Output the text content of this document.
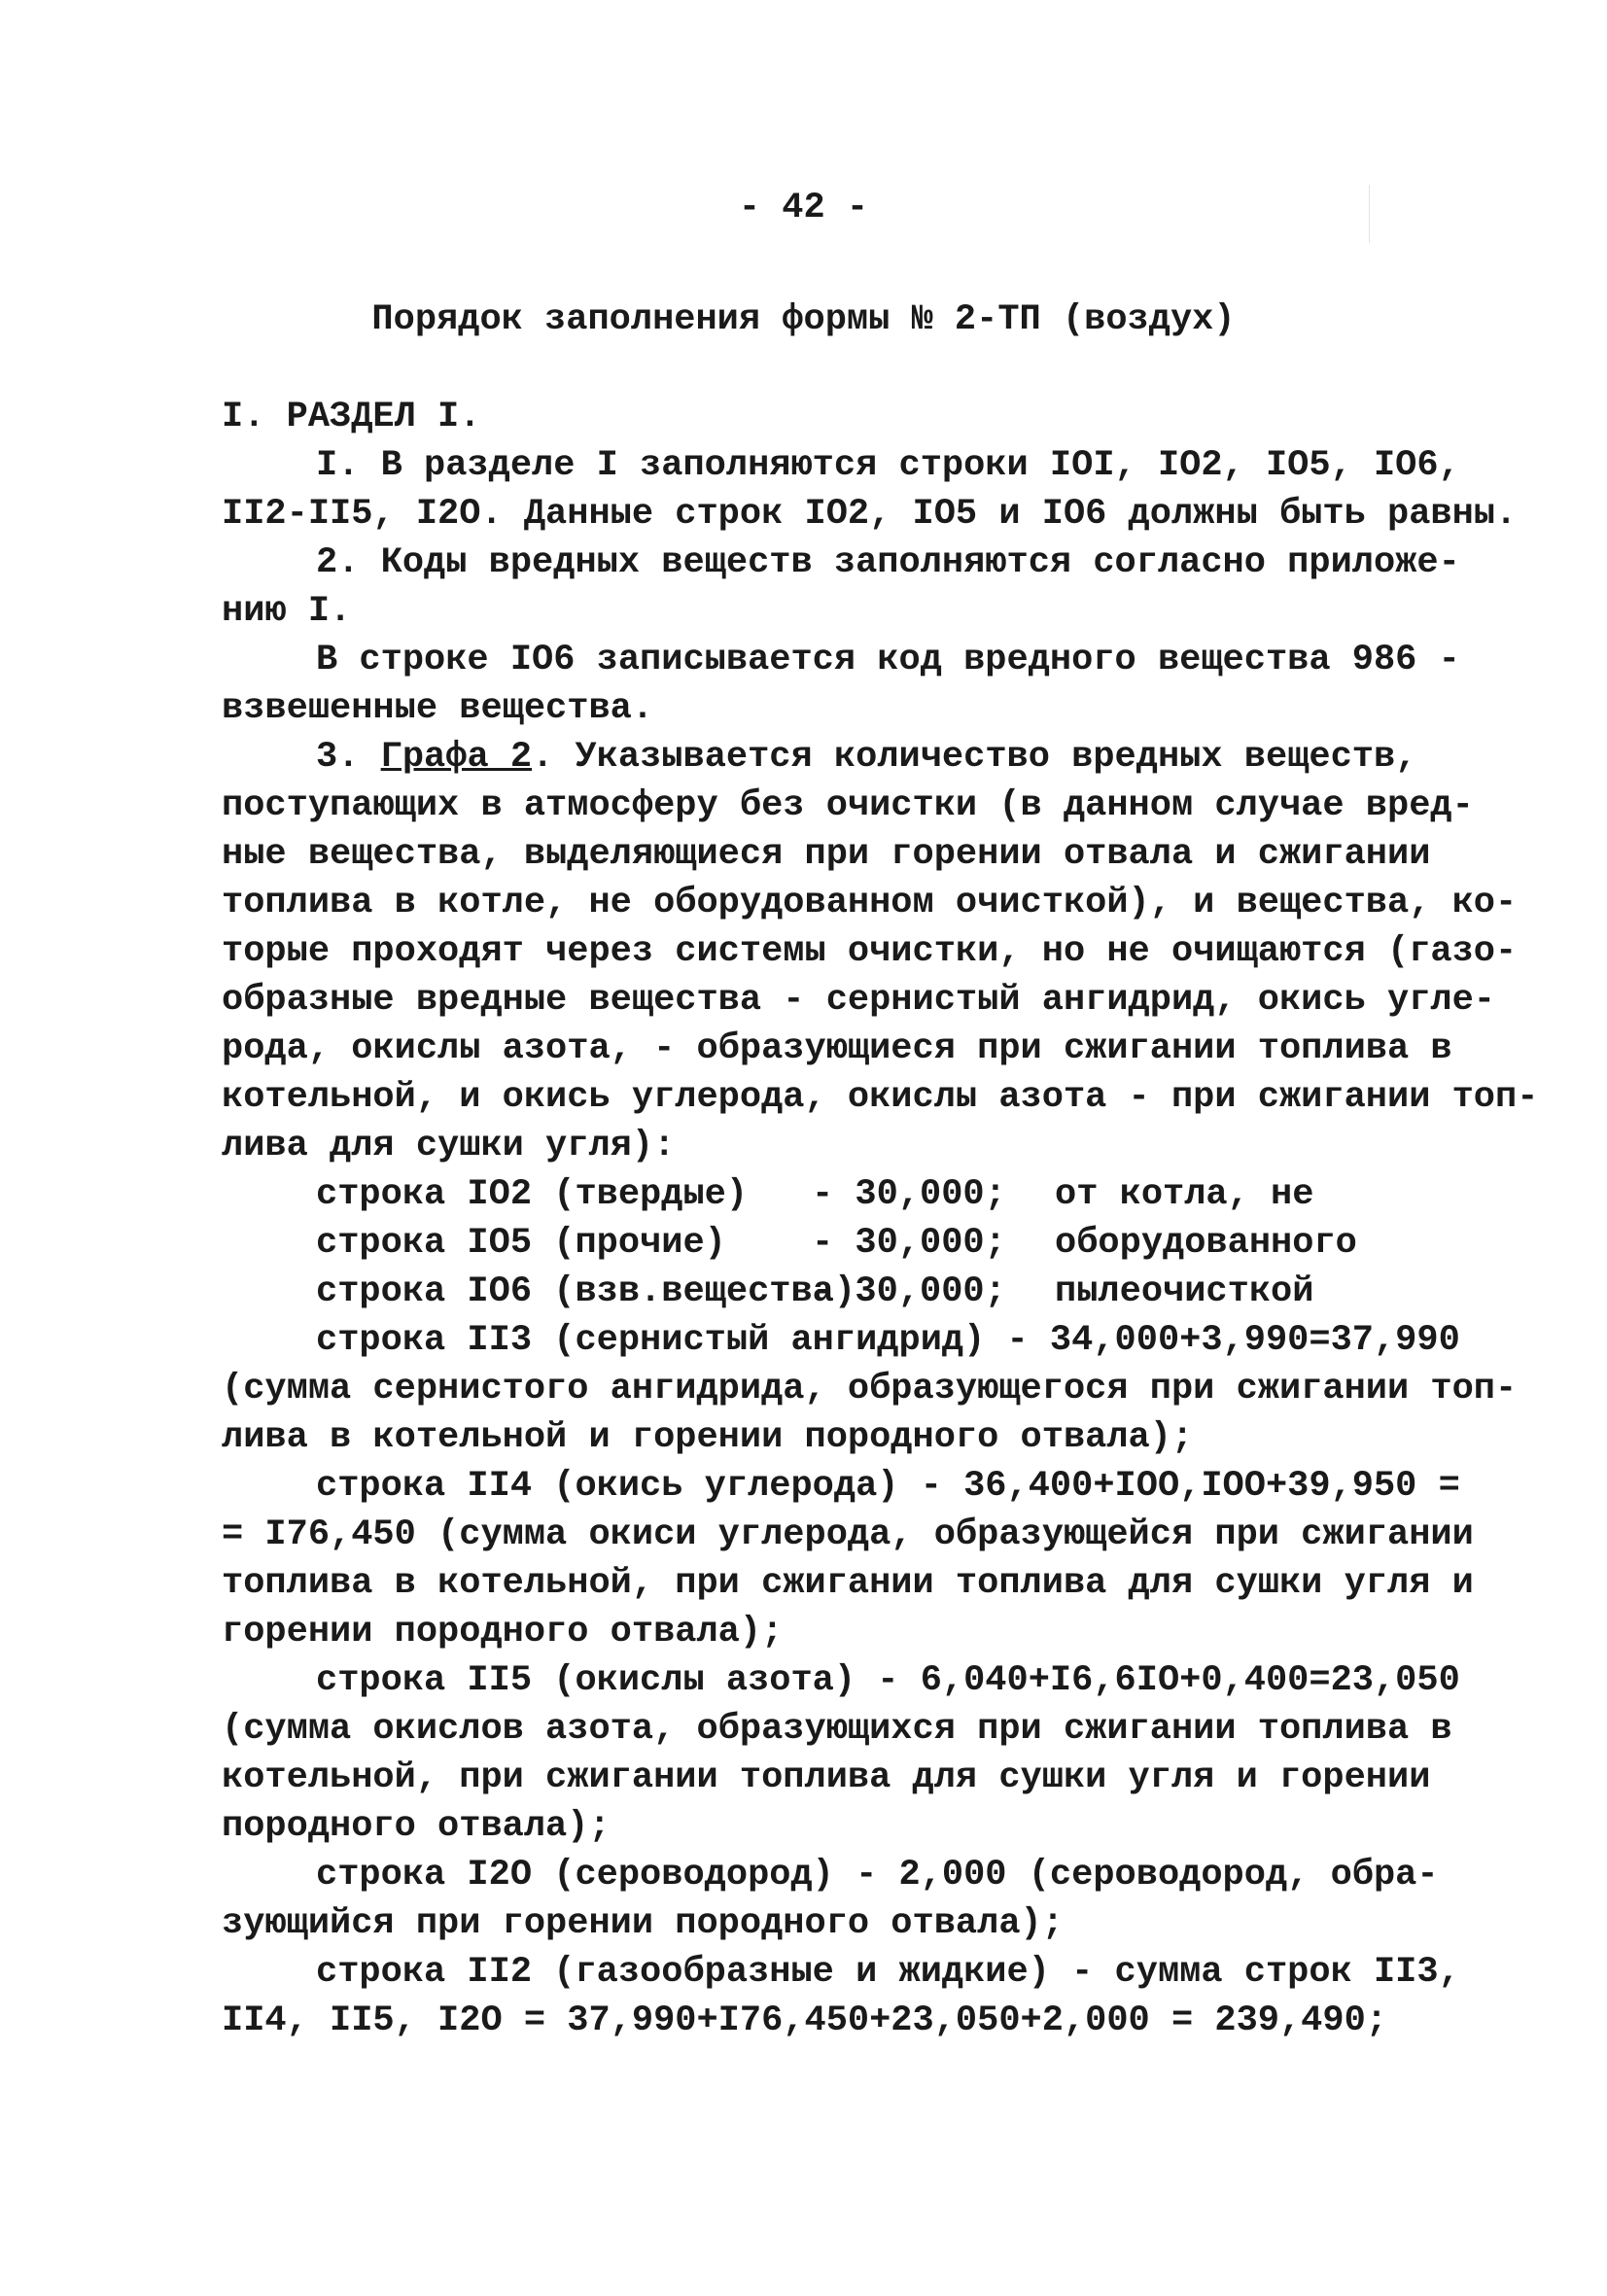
- 42 -
Порядок заполнения формы № 2-ТП (воздух)
I. РАЗДЕЛ I.
I. В разделе I заполняются строки IOI, IO2, IO5, IO6,
II2-II5, I2O. Данные строк IO2, IO5 и IO6 должны быть равны.
2. Коды вредных веществ заполняются согласно приложе-
нию I.
В строке IO6 записывается код вредного вещества 986 -
взвешенные вещества.
3. Графа 2. Указывается количество вредных веществ,
поступающих в атмосферу без очистки (в данном случае вред-
ные вещества, выделяющиеся при горении отвала и сжигании
топлива в котле, не оборудованном очисткой), и вещества, ко-
торые проходят через системы очистки, но не очищаются (газо-
образные вредные вещества - сернистый ангидрид, окись угле-
рода, окислы азота, - образующиеся при сжигании топлива в
котельной, и окись углерода, окислы азота - при сжигании топ-
лива для сушки угля):
строка IO2 (твердые) - 30,000; от котла, не
строка IO5 (прочие) - 30,000; оборудованного
строка IO6 (взв.вещества)
- 30,000; пылеочисткой
строка II3 (сернистый ангидрид) - 34,000+3,990=37,990
(сумма сернистого ангидрида, образующегося при сжигании топ-
лива в котельной и горении породного отвала);
строка II4 (окись углерода) - 36,400+IOO,IOO+39,950 =
= I76,450 (сумма окиси углерода, образующейся при сжигании
топлива в котельной, при сжигании топлива для сушки угля и
горении породного отвала);
строка II5 (окислы азота) - 6,040+I6,6IO+0,400=23,050
(сумма окислов азота, образующихся при сжигании топлива в
котельной, при сжигании топлива для сушки угля и горении
породного отвала);
строка I2O (сероводород) - 2,000 (сероводород, обра-
зующийся при горении породного отвала);
строка II2 (газообразные и жидкие) - сумма строк II3,
II4, II5, I2O = 37,990+I76,450+23,050+2,000 = 239,490;
